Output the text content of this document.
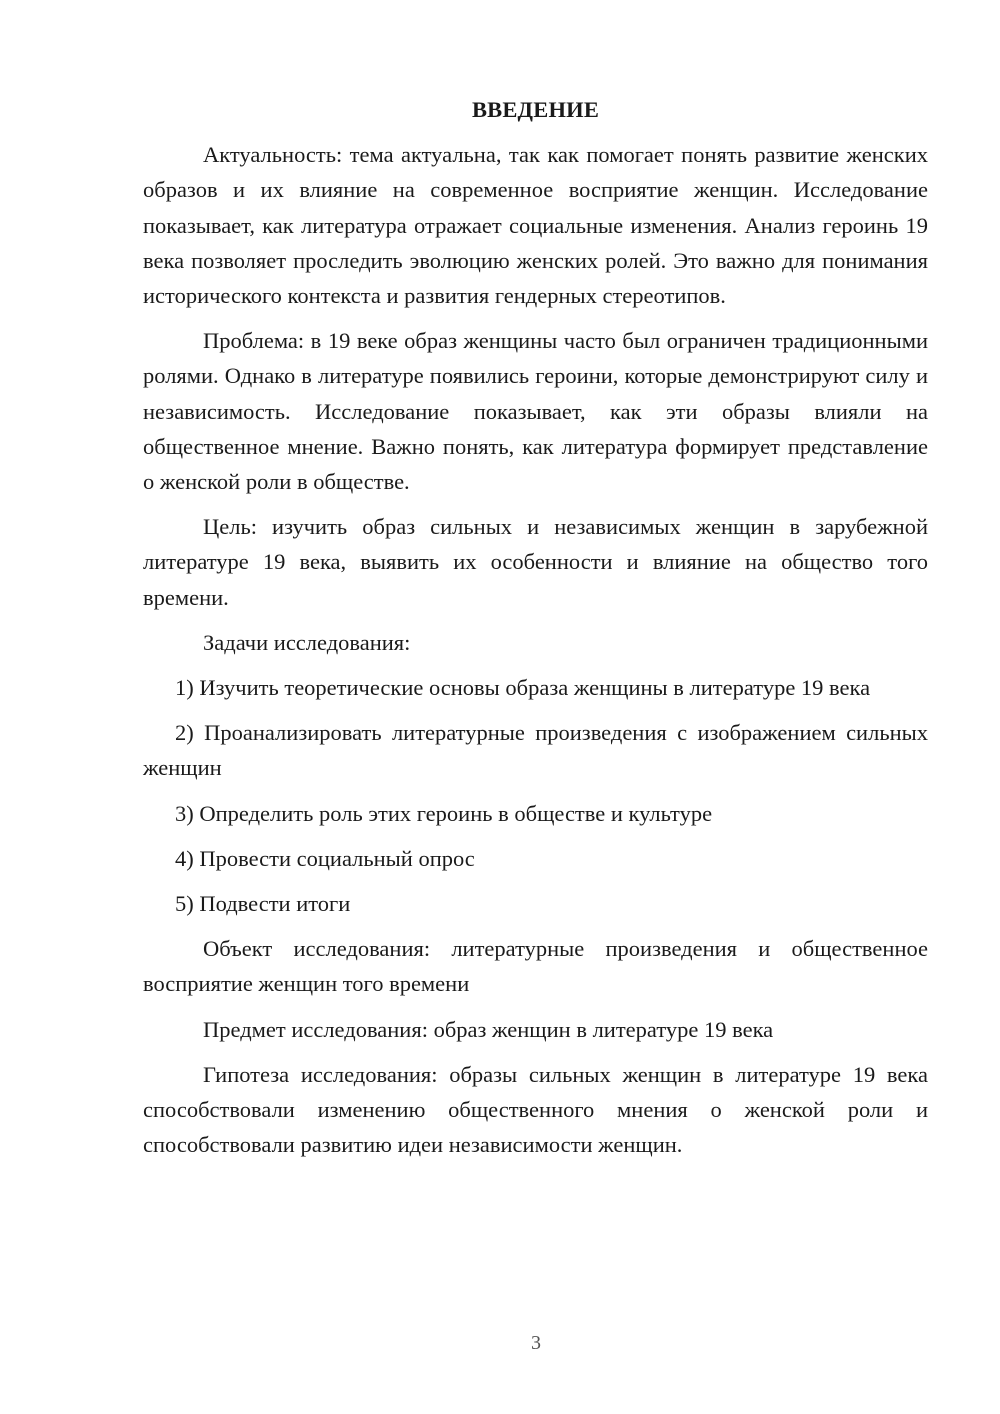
ВВЕДЕНИЕ

Актуальность: тема актуальна, так как помогает понять развитие женских образов и их влияние на современное восприятие женщин. Исследование показывает, как литература отражает социальные изменения. Анализ героинь 19 века позволяет проследить эволюцию женских ролей. Это важно для понимания исторического контекста и развития гендерных стереотипов.

Проблема: в 19 веке образ женщины часто был ограничен традиционными ролями. Однако в литературе появились героини, которые демонстрируют силу и независимость. Исследование показывает, как эти образы влияли на общественное мнение. Важно понять, как литература формирует представление о женской роли в обществе.

Цель: изучить образ сильных и независимых женщин в зарубежной литературе 19 века, выявить их особенности и влияние на общество того времени.

Задачи исследования:

1) Изучить теоретические основы образа женщины в литературе 19 века

2) Проанализировать литературные произведения с изображением сильных женщин

3) Определить роль этих героинь в обществе и культуре

4) Провести социальный опрос

5) Подвести итоги

Объект исследования: литературные произведения и общественное восприятие женщин того времени

Предмет исследования: образ женщин в литературе 19 века

Гипотеза исследования: образы сильных женщин в литературе 19 века способствовали изменению общественного мнения о женской роли и способствовали развитию идеи независимости женщин.

3
